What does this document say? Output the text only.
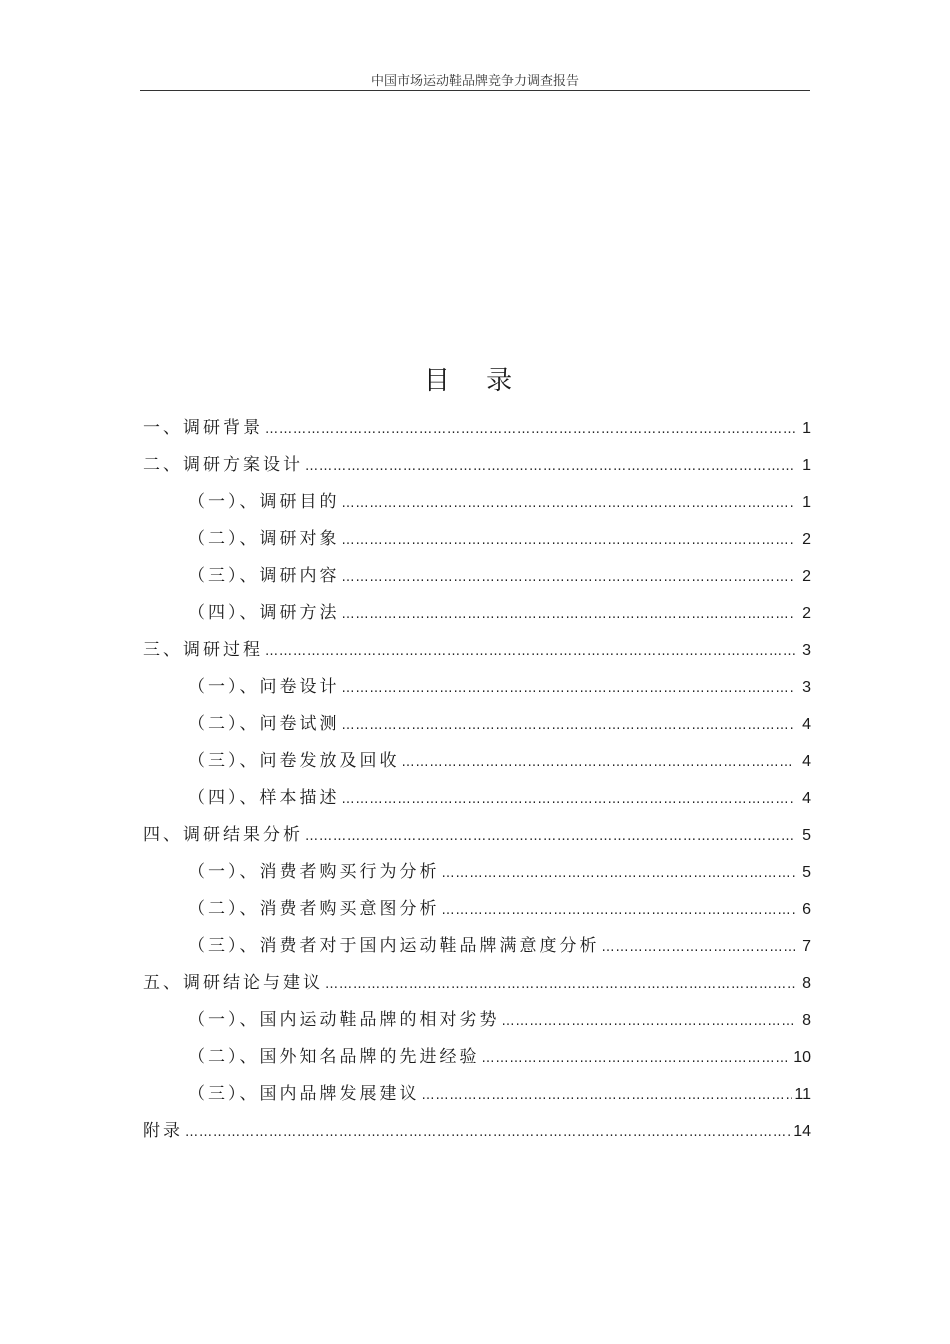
中国市场运动鞋品牌竞争力调查报告
目 录
一、调研背景 …………………………………………………………………………………………………………………………………………………………………………	1
二、调研方案设计 …………………………………………………………………………………………………………………………………………………………………………	1
（一）、调研目的 …………………………………………………………………………………………………………………………………………………………………………	1
（二）、调研对象 …………………………………………………………………………………………………………………………………………………………………………	2
（三）、调研内容 …………………………………………………………………………………………………………………………………………………………………………	2
（四）、调研方法 …………………………………………………………………………………………………………………………………………………………………………	2
三、调研过程 …………………………………………………………………………………………………………………………………………………………………………	3
（一）、问卷设计 …………………………………………………………………………………………………………………………………………………………………………	3
（二）、问卷试测 …………………………………………………………………………………………………………………………………………………………………………	4
（三）、问卷发放及回收 …………………………………………………………………………………………………………………………………………………………………………	4
（四）、样本描述 …………………………………………………………………………………………………………………………………………………………………………	4
四、调研结果分析 …………………………………………………………………………………………………………………………………………………………………………	5
（一）、消费者购买行为分析 …………………………………………………………………………………………………………………………………………………………………………	5
（二）、消费者购买意图分析 …………………………………………………………………………………………………………………………………………………………………………	6
（三）、消费者对于国内运动鞋品牌满意度分析 …………………………………………………………………………………………………………………………………………………………………………	7
五、调研结论与建议 …………………………………………………………………………………………………………………………………………………………………………	8
（一）、国内运动鞋品牌的相对劣势 …………………………………………………………………………………………………………………………………………………………………………	8
（二）、国外知名品牌的先进经验 …………………………………………………………………………………………………………………………………………………………………………	10
（三）、国内品牌发展建议 …………………………………………………………………………………………………………………………………………………………………………	11
附录 …………………………………………………………………………………………………………………………………………………………………………	14
